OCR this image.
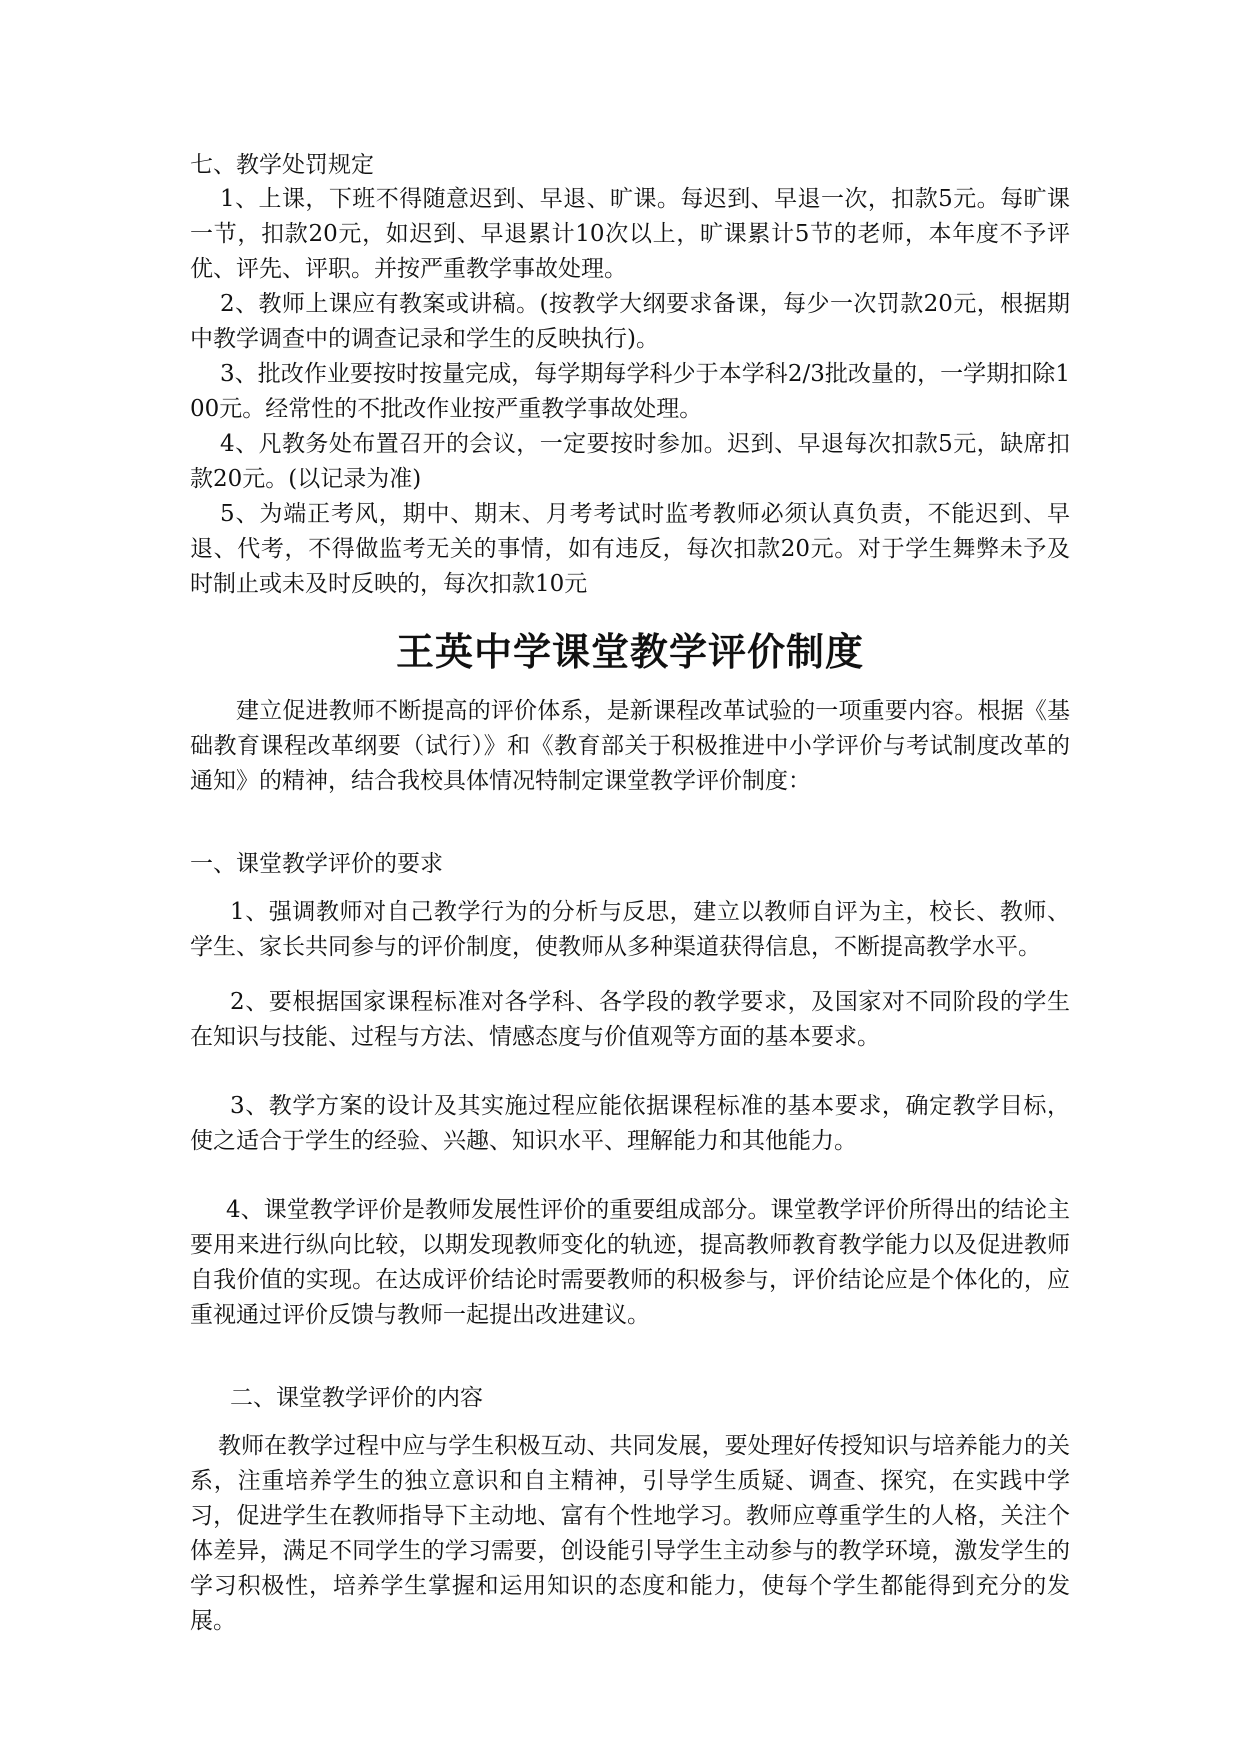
七、教学处罚规定

1、上课，下班不得随意迟到、早退、旷课。每迟到、早退一次，扣款5元。每旷课一节，扣款20元，如迟到、早退累计10次以上，旷课累计5节的老师，本年度不予评优、评先、评职。并按严重教学事故处理。

2、教师上课应有教案或讲稿。(按教学大纲要求备课，每少一次罚款20元，根据期中教学调查中的调查记录和学生的反映执行)。

3、批改作业要按时按量完成，每学期每学科少于本学科2/3批改量的，一学期扣除100元。经常性的不批改作业按严重教学事故处理。

4、凡教务处布置召开的会议，一定要按时参加。迟到、早退每次扣款5元，缺席扣款20元。(以记录为准)

5、为端正考风，期中、期末、月考考试时监考教师必须认真负责，不能迟到、早退、代考，不得做监考无关的事情，如有违反，每次扣款20元。对于学生舞弊未予及时制止或未及时反映的，每次扣款10元

王英中学课堂教学评价制度

建立促进教师不断提高的评价体系，是新课程改革试验的一项重要内容。根据《基础教育课程改革纲要（试行）》和《教育部关于积极推进中小学评价与考试制度改革的通知》的精神，结合我校具体情况特制定课堂教学评价制度：

一、课堂教学评价的要求

1、强调教师对自己教学行为的分析与反思，建立以教师自评为主，校长、教师、学生、家长共同参与的评价制度，使教师从多种渠道获得信息，不断提高教学水平。

2、要根据国家课程标准对各学科、各学段的教学要求，及国家对不同阶段的学生在知识与技能、过程与方法、情感态度与价值观等方面的基本要求。

3、教学方案的设计及其实施过程应能依据课程标准的基本要求，确定教学目标，使之适合于学生的经验、兴趣、知识水平、理解能力和其他能力。

4、课堂教学评价是教师发展性评价的重要组成部分。课堂教学评价所得出的结论主要用来进行纵向比较，以期发现教师变化的轨迹，提高教师教育教学能力以及促进教师自我价值的实现。在达成评价结论时需要教师的积极参与，评价结论应是个体化的，应重视通过评价反馈与教师一起提出改进建议。

二、课堂教学评价的内容

教师在教学过程中应与学生积极互动、共同发展，要处理好传授知识与培养能力的关系，注重培养学生的独立意识和自主精神，引导学生质疑、调查、探究，在实践中学习，促进学生在教师指导下主动地、富有个性地学习。教师应尊重学生的人格，关注个体差异，满足不同学生的学习需要，创设能引导学生主动参与的教学环境，激发学生的学习积极性，培养学生掌握和运用知识的态度和能力，使每个学生都能得到充分的发展。
